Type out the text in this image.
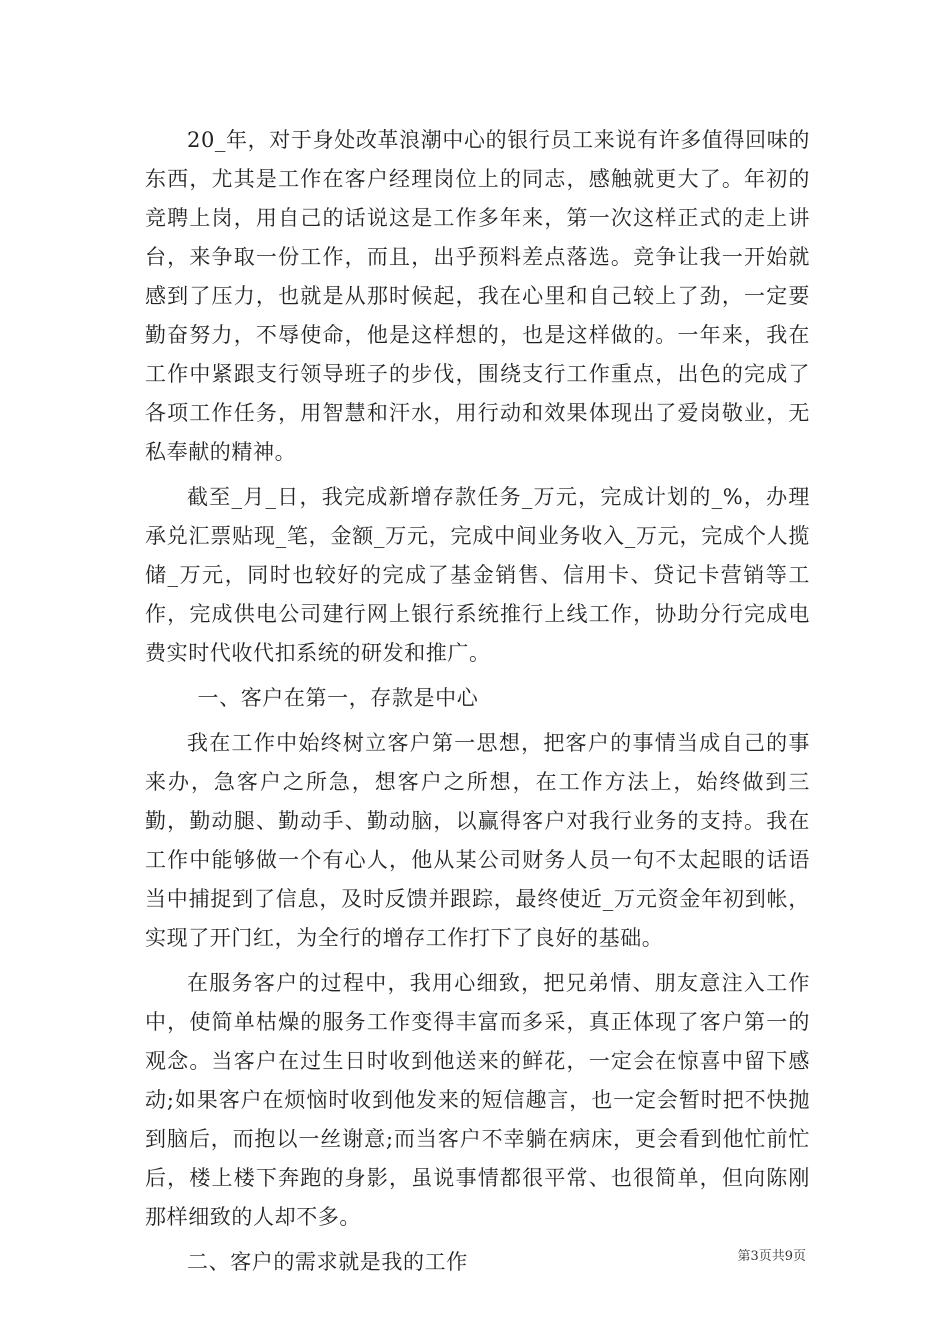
20_年，对于身处改革浪潮中心的银行员工来说有许多值得回味的东西，尤其是工作在客户经理岗位上的同志，感触就更大了。年初的竞聘上岗，用自己的话说这是工作多年来，第一次这样正式的走上讲台，来争取一份工作，而且，出乎预料差点落选。竞争让我一开始就感到了压力，也就是从那时候起，我在心里和自己较上了劲，一定要勤奋努力，不辱使命，他是这样想的，也是这样做的。一年来，我在工作中紧跟支行领导班子的步伐，围绕支行工作重点，出色的完成了各项工作任务，用智慧和汗水，用行动和效果体现出了爱岗敬业，无私奉献的精神。

截至_月_日，我完成新增存款任务_万元，完成计划的_%，办理承兑汇票贴现_笔，金额_万元，完成中间业务收入_万元，完成个人揽储_万元，同时也较好的完成了基金销售、信用卡、贷记卡营销等工作，完成供电公司建行网上银行系统推行上线工作，协助分行完成电费实时代收代扣系统的研发和推广。

一、客户在第一，存款是中心

我在工作中始终树立客户第一思想，把客户的事情当成自己的事来办，急客户之所急，想客户之所想，在工作方法上，始终做到三勤，勤动腿、勤动手、勤动脑，以赢得客户对我行业务的支持。我在工作中能够做一个有心人，他从某公司财务人员一句不太起眼的话语当中捕捉到了信息，及时反馈并跟踪，最终使近_万元资金年初到帐，实现了开门红，为全行的增存工作打下了良好的基础。

在服务客户的过程中，我用心细致，把兄弟情、朋友意注入工作中，使简单枯燥的服务工作变得丰富而多采，真正体现了客户第一的观念。当客户在过生日时收到他送来的鲜花，一定会在惊喜中留下感动;如果客户在烦恼时收到他发来的短信趣言，也一定会暂时把不快抛到脑后，而抱以一丝谢意;而当客户不幸躺在病床，更会看到他忙前忙后，楼上楼下奔跑的身影，虽说事情都很平常、也很简单，但向陈刚那样细致的人却不多。

二、客户的需求就是我的工作	第3页共9页
